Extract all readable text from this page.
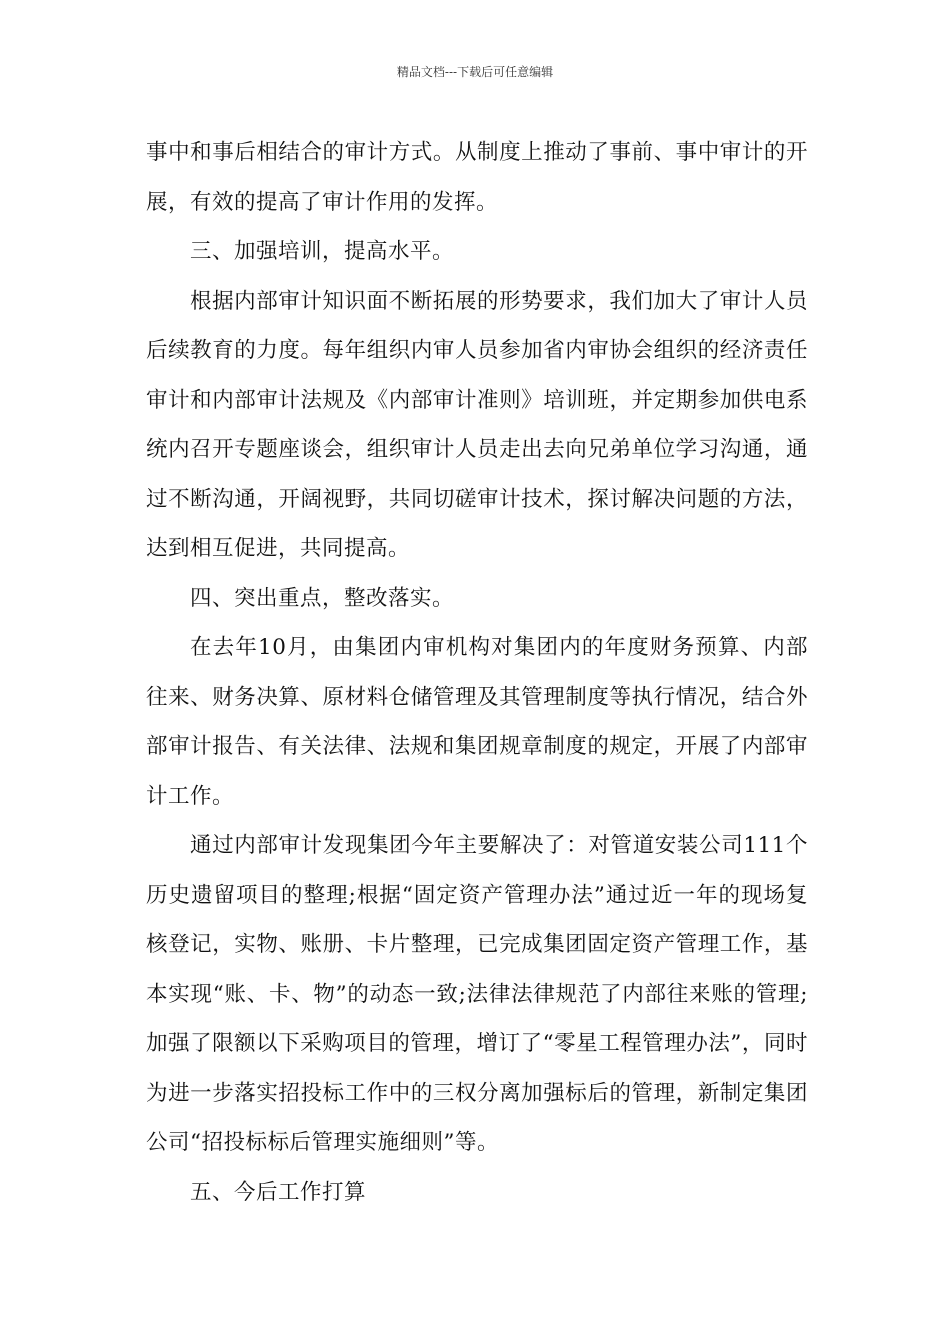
精品文档---下载后可任意编辑

事中和事后相结合的审计方式。从制度上推动了事前、事中审计的开展，有效的提高了审计作用的发挥。

三、加强培训，提高水平。

根据内部审计知识面不断拓展的形势要求，我们加大了审计人员后续教育的力度。每年组织内审人员参加省内审协会组织的经济责任审计和内部审计法规及《内部审计准则》培训班，并定期参加供电系统内召开专题座谈会，组织审计人员走出去向兄弟单位学习沟通，通过不断沟通，开阔视野，共同切磋审计技术，探讨解决问题的方法，达到相互促进，共同提高。

四、突出重点，整改落实。

在去年10月，由集团内审机构对集团内的年度财务预算、内部往来、财务决算、原材料仓储管理及其管理制度等执行情况，结合外部审计报告、有关法律、法规和集团规章制度的规定，开展了内部审计工作。

通过内部审计发现集团今年主要解决了：对管道安装公司111个历史遗留项目的整理;根据“固定资产管理办法”通过近一年的现场复核登记，实物、账册、卡片整理，已完成集团固定资产管理工作，基本实现“账、卡、物”的动态一致;法律法律规范了内部往来账的管理;加强了限额以下采购项目的管理，增订了“零星工程管理办法”，同时为进一步落实招投标工作中的三权分离加强标后的管理，新制定集团公司“招投标标后管理实施细则”等。

五、今后工作打算
